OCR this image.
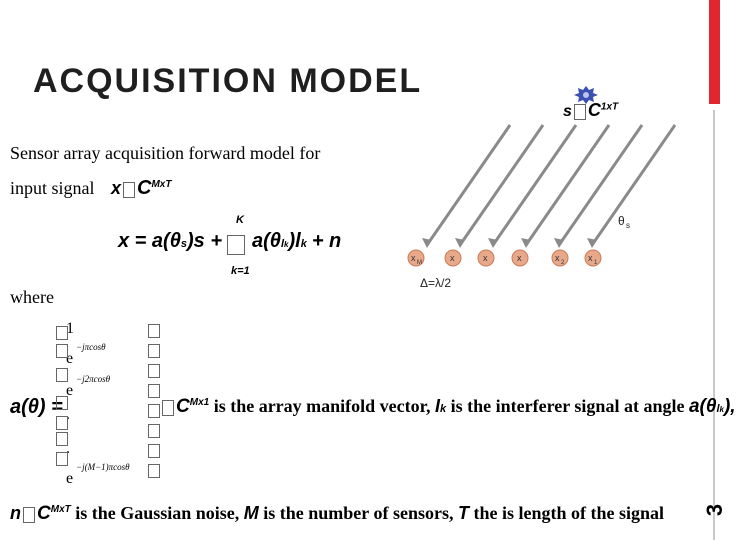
ACQUISITION MODEL
3
s $C^{1xT}$
Sensor array acquisition forward model for
input signal x $C^{MxT}$
x = a(θs)s + a(θlk)lk + n
K
k=1
where
a(θ) =
1
e
−jπcosθ
e
−j2πcosθ
.
.
e
−j(M−1)πcosθ
$C^{Mx1}$ is the array manifold vector, Ik is the interferer signal at angle a(θlk),
n $C^{MxT}$ is the Gaussian noise, M is the number of sensors, T the is length of the signal
x M	x	x	x	x 2	x 1
θ s
Δ=λ/2
